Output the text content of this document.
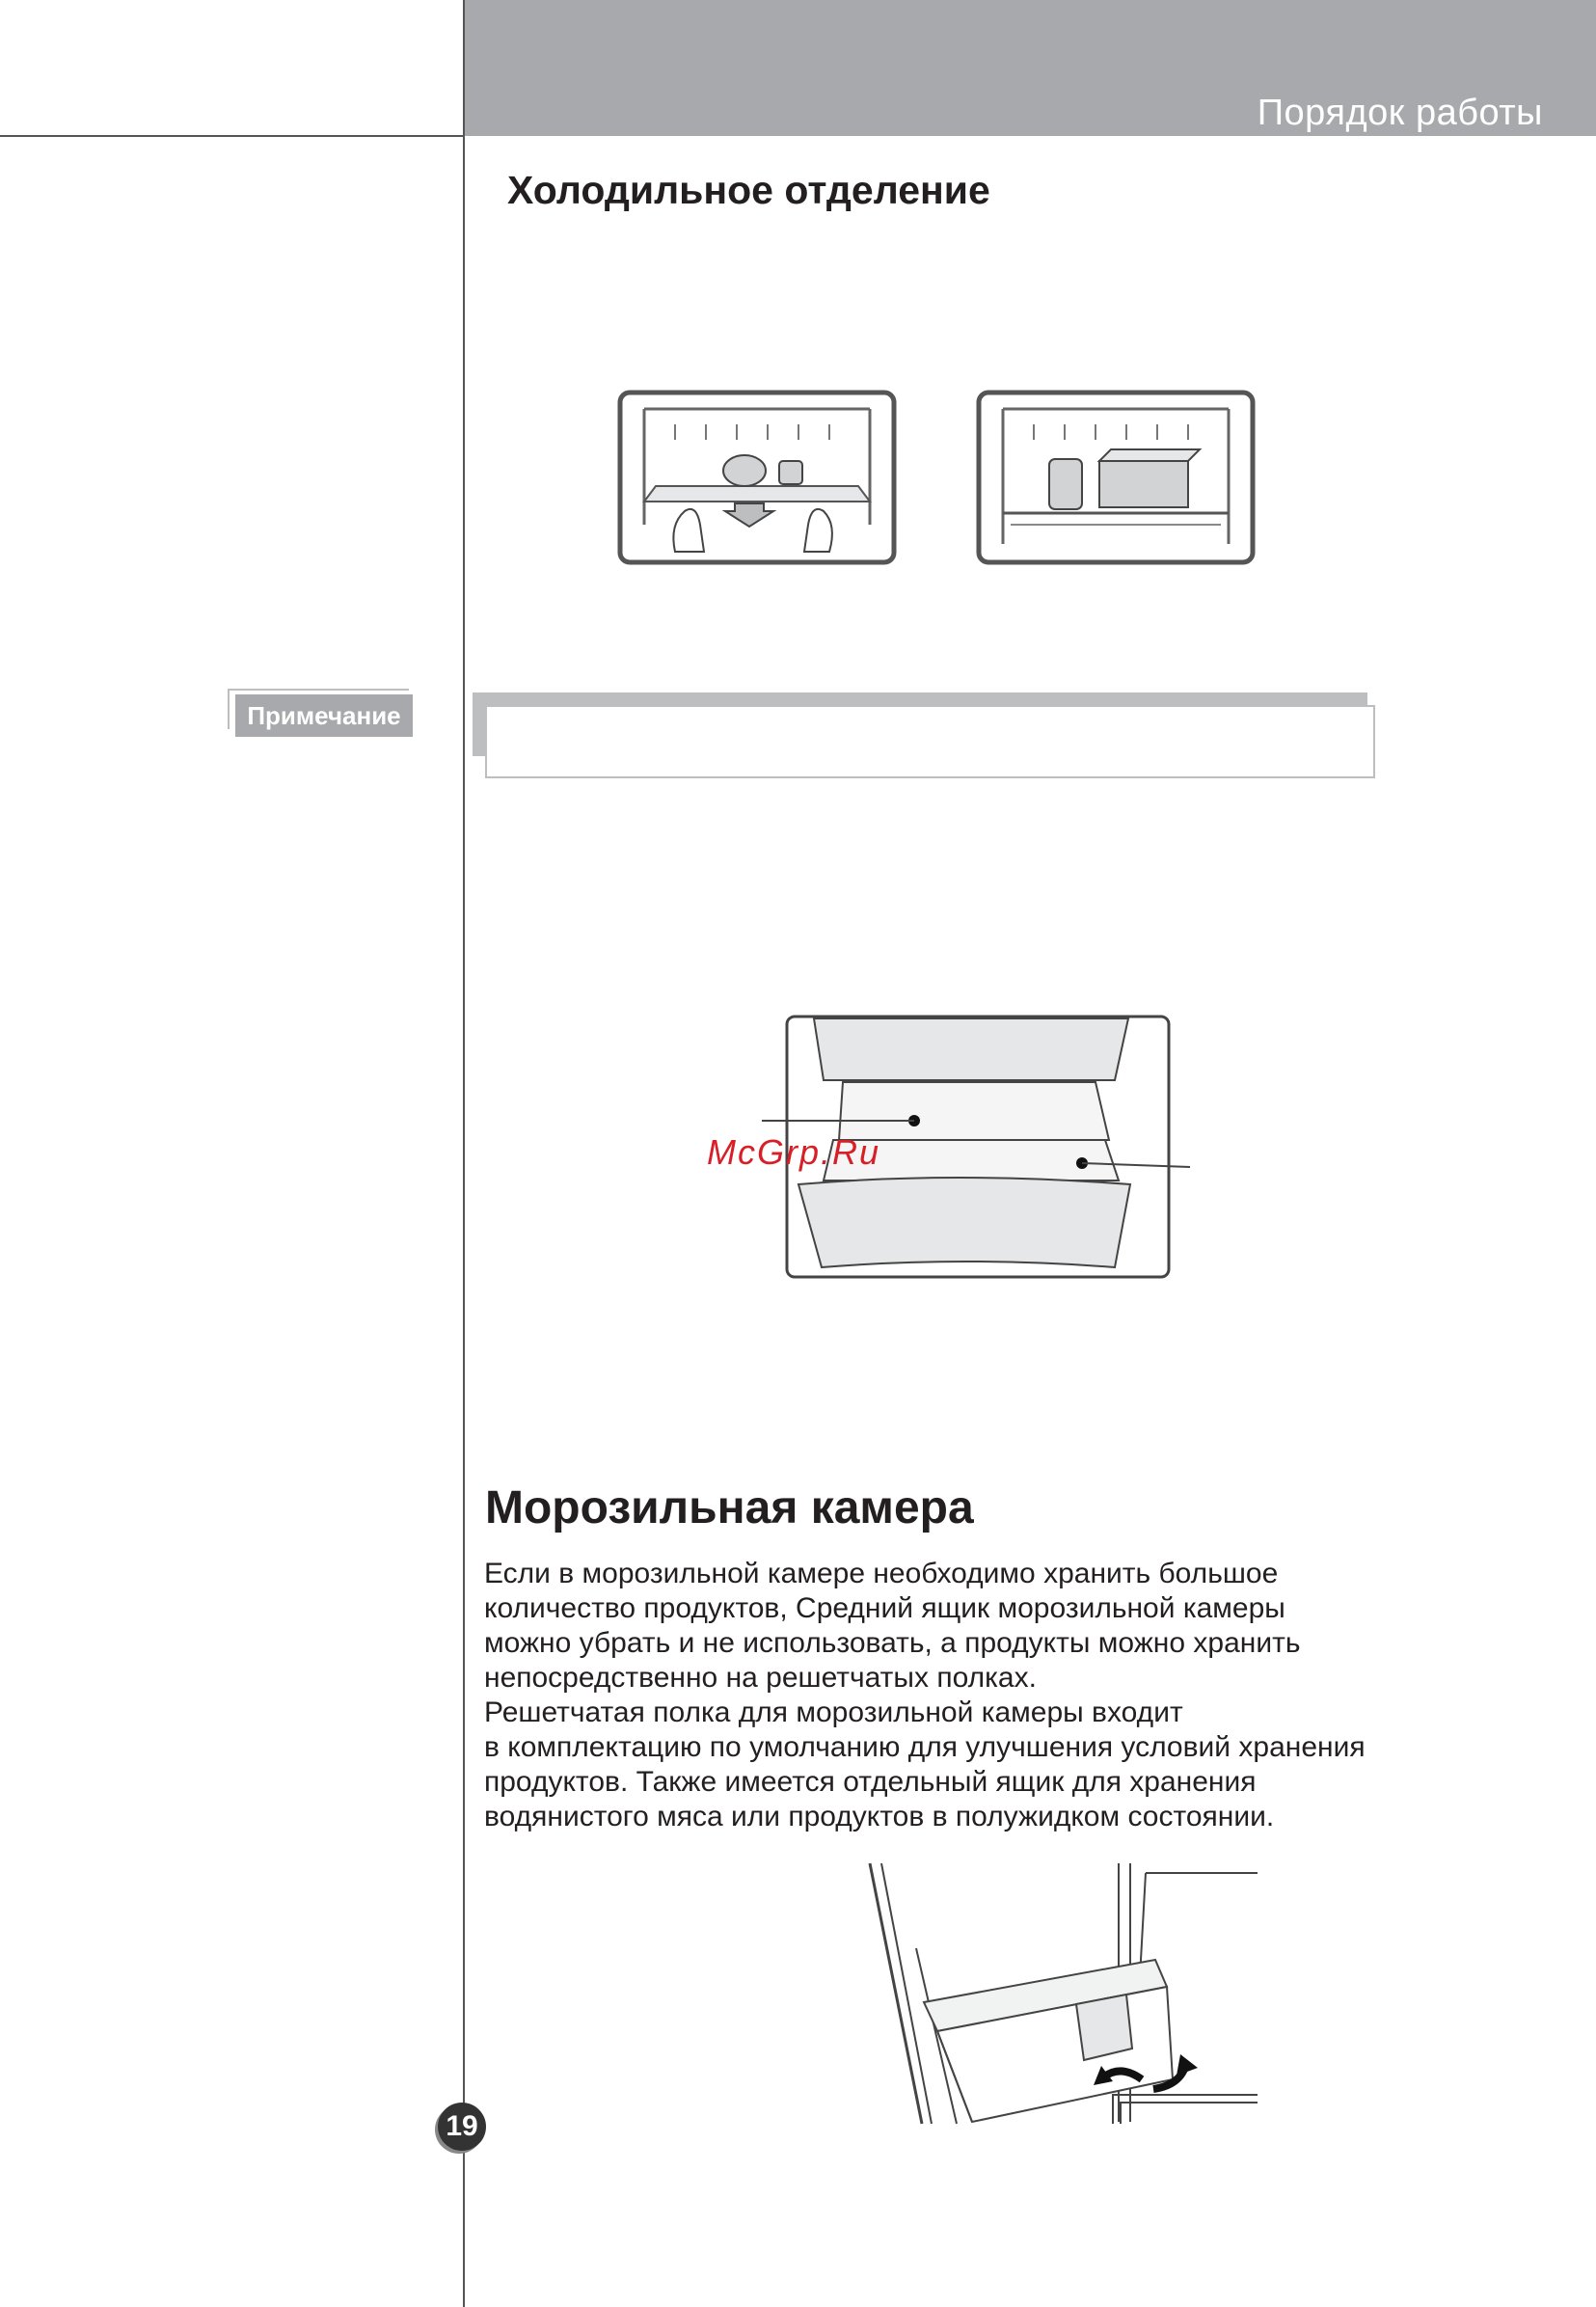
Порядок работы
Холодильное отделение
Примечание
McGrp.Ru
Морозильная камера

Если в морозильной камере необходимо хранить большое

количество продуктов, Средний ящик морозильной камеры

можно убрать и не использовать, а продукты можно хранить

непосредственно на решетчатых полках.

Решетчатая полка для морозильной камеры входит

в комплектацию по умолчанию для улучшения условий хранения

продуктов. Также имеется отдельный ящик для хранения

водянистого мяса или продуктов в полужидком состоянии.

19
